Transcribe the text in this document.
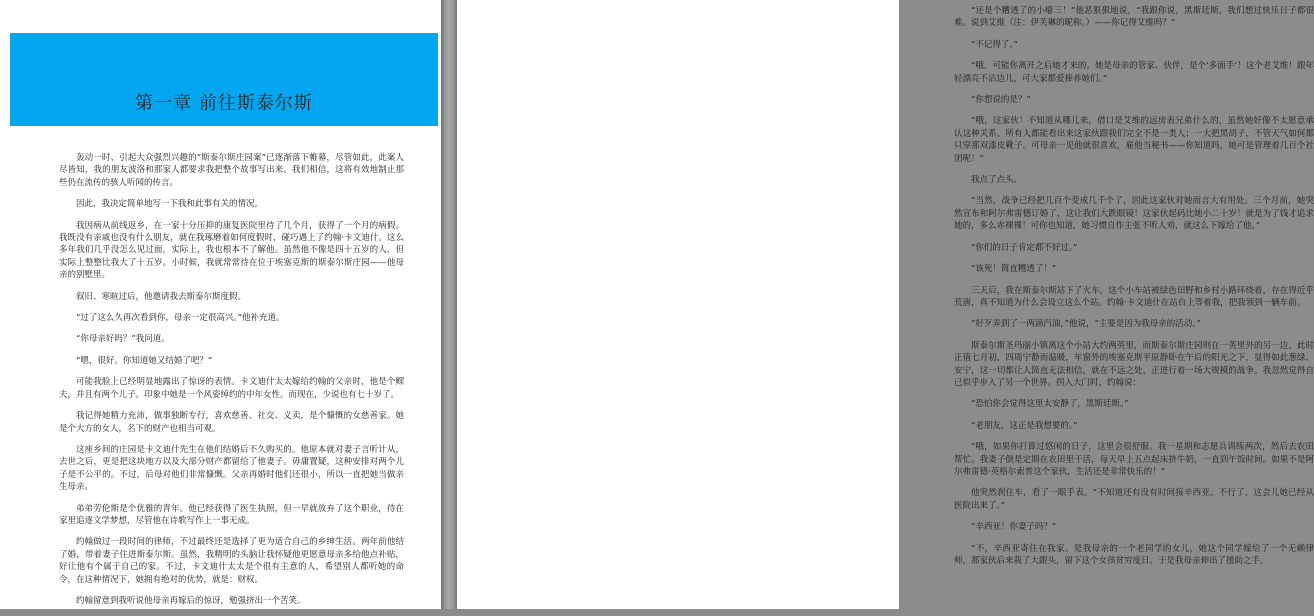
第一章 前往斯泰尔斯

轰动一时、引起大众强烈兴趣的“斯泰尔斯庄园案”已逐渐落下帷幕，尽管如此，此案人尽皆知，我的朋友波洛和那家人都要求我把整个故事写出来。我们相信，这将有效地制止那些仍在流传的骇人听闻的传言。

因此，我决定简单地写一下我和此事有关的情况。

我因病从前线返乡，在一家十分压抑的康复医院里待了几个月，获得了一个月的病假。我既没有亲戚也没有什么朋友，就在我琢磨着如何度假时，碰巧遇上了约翰·卡文迪什。这么多年我们几乎没怎么见过面，实际上，我也根本不了解他。虽然他不像是四十五岁的人，但实际上整整比我大了十五岁。小时候，我就常常待在位于埃塞克斯的斯泰尔斯庄园——他母亲的别墅里。

叙旧、寒暄过后，他邀请我去斯泰尔斯度假。

“过了这么久再次看到你，母亲一定很高兴。”他补充道。

“你母亲好吗？”我问道。

“嗯，很好。你知道她又结婚了吧？”

可能我脸上已经明显地露出了惊讶的表情。卡文迪什太太嫁给约翰的父亲时，他是个鳏夫，并且有两个儿子。印象中她是一个风姿绰约的中年女性。而现在，少说也有七十岁了。

我记得她精力充沛，做事独断专行，喜欢慈善、社交、义卖，是个慷慨的女慈善家。她是个大方的女人，名下的财产也相当可观。

这座乡间的庄园是卡文迪什先生在他们结婚后不久购买的。他原本就对妻子言听计从，去世之后，更是把这块地方以及大部分财产都留给了他妻子。毋庸置疑，这种安排对两个儿子是不公平的。不过，后母对他们非常慷慨。父亲再婚时他们还很小，所以一直把她当做亲生母亲。

弟弟劳伦斯是个优雅的青年。他已经获得了医生执照，但一早就放弃了这个职业，待在家里追逐文学梦想，尽管他在诗歌写作上一事无成。

约翰做过一段时间的律师，不过最终还是选择了更为适合自己的乡绅生活。两年前他结了婚，带着妻子住进斯泰尔斯。虽然，我精明的头脑让我怀疑他更愿意母亲多给他点补贴，好让他有个属于自己的家。不过，卡文迪什太太是个很有主意的人，希望别人都听她的命令，在这种情况下，她拥有绝对的优势，就是：财权。

约翰留意到我听说他母亲再嫁后的惊讶，勉强挤出一个苦笑。

“还是个糟透了的小瘪三！”他恶狠狠地说，“我跟你说，黑斯廷斯，我们想过快乐日子都很难。说到艾维（注：伊芙琳的昵称。）——你记得艾维吗？”

“不记得了。”

“哦，可能你离开之后她才来的。她是母亲的管家、伙伴，是个‘多面手’！这个老艾维！跟年轻漂亮不沾边儿，可大家都爱捧养她们。”

“你想说的是？”

“哦，这家伙！不知道从哪儿来，借口是艾维的远房表兄弟什么的，虽然她好像不太愿意承认这种关系。所有人都能看出来这家伙跟我们完全不是一类人；一大把黑胡子，不管天气如何都只穿那双漆皮靴子。可母亲一见他就很喜欢，雇他当秘书——你知道吗，她可是管理着几百个社团呢！”

我点了点头。

“当然，战争已经把几百个变成几千个了，因此这家伙对她而言大有用处。三个月前，她突然宣布和阿尔弗雷德订婚了，这让我们大跌眼镜！这家伙起码比她小二十岁！就是为了钱才追求她的，多么赤裸裸！可你也知道，她习惯自作主张不听人劝，就这么下嫁给了他。”

“你们的日子肯定都不好过。”

“该死！简直糟透了！”

三天后，我在斯泰尔斯站下了火车。这个小车站被绿色田野和乡村小路环绕着，存在得近乎荒唐，真不知道为什么会设立这么个站。约翰·卡文迪什在站台上等着我，把我领到一辆车前。

“好歹弄到了一两滴汽油，”他说，“主要是因为我母亲的活动。”

斯泰尔斯圣玛丽小镇离这个小站大约两英里，而斯泰尔斯庄园则在一英里外的另一边。此时正值七月初，四周宁静而温暖，年窗外的埃塞克斯平原静卧在午后的阳光之下，显得如此葱绿、安宁，这一切都让人简直无法相信，就在不远之处，正进行着一场大规模的战争。我忽然觉得自己似乎步入了另一个世界。拐入大门时，约翰说：

“恐怕你会觉得这里太安静了，黑斯廷斯。”

“老朋友，这正是我想要的。”

“哦，如果你打算过悠闲的日子，这里会很舒服。我一星期和志愿兵训练两次，然后去农田帮忙。我妻子倒是定期在农田里干活，每天早上五点起床挤牛奶，一直到午饭时间。如果不是阿尔弗雷德·英格尔索普这个家伙，生活还是非常快乐的！”

他突然刹住车，看了一眼手表。“不知道还有没有时间接辛西亚。不行了，这会儿她已经从医院出来了。”

“辛西亚！你妻子吗？”

“不，辛西亚寄住在我家。是我母亲的一个老同学的女儿，她这个同学嫁给了一个无赖律师，那家伙后来栽了大跟头，留下这个女孩贫穷度日。于是我母亲伸出了援助之手。
